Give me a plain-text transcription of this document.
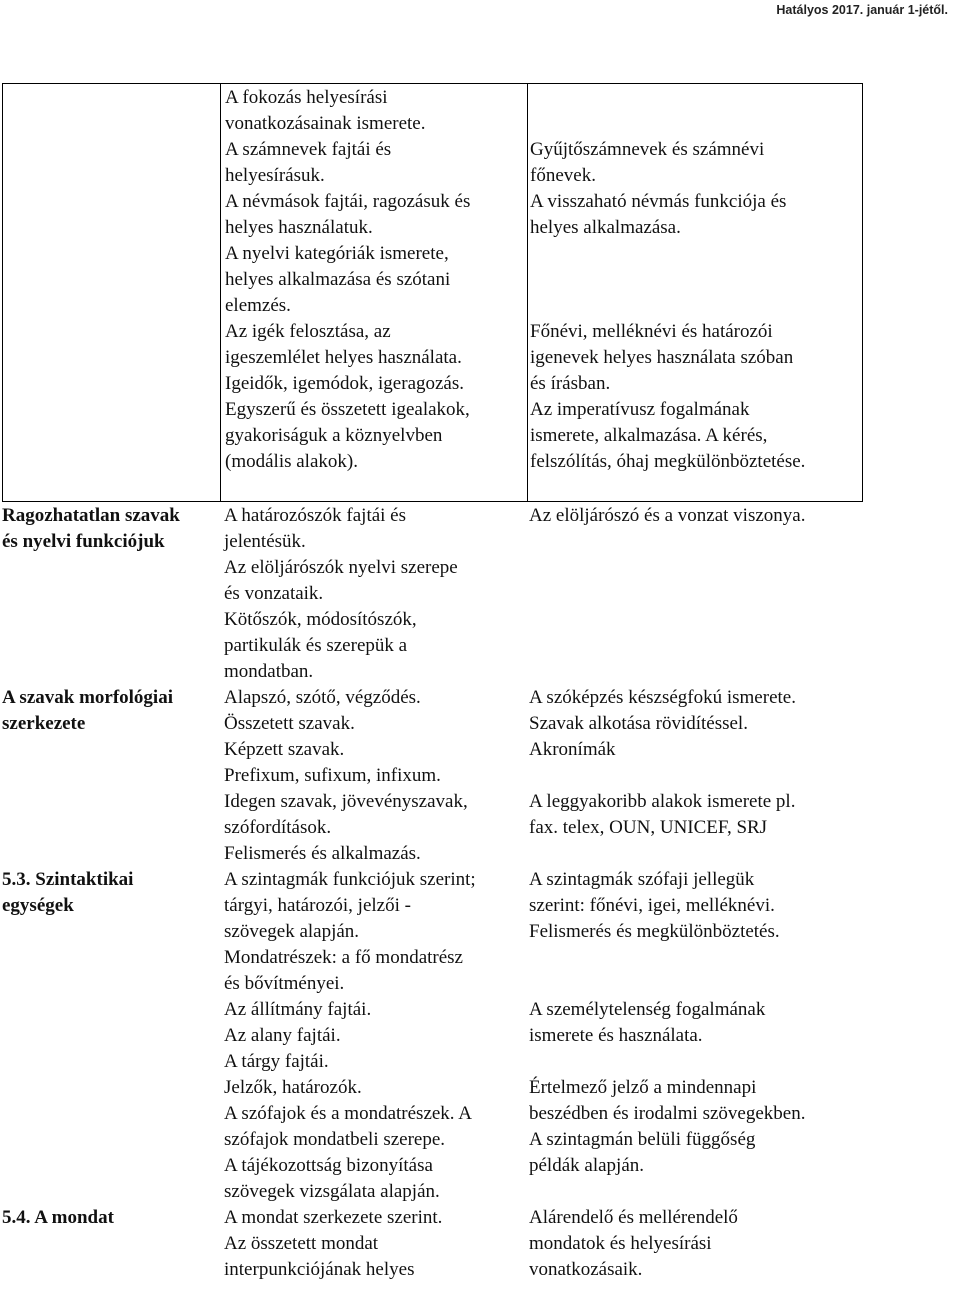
Hatályos 2017. január 1-jétől.
A fokozás helyesírási
vonatkozásainak ismerete.
A számnevek fajtái és
helyesírásuk.
A névmások fajtái, ragozásuk és
helyes használatuk.
A nyelvi kategóriák ismerete,
helyes alkalmazása és szótani
elemzés.
Az igék felosztása, az
igeszemlélet helyes használata.
Igeidők, igemódok, igeragozás.
Egyszerű és összetett igealakok,
gyakoriságuk a köznyelvben
(modális alakok).
Gyűjtőszámnevek és számnévi
főnevek.
A visszaható névmás funkciója és
helyes alkalmazása.
Főnévi, melléknévi és határozói
igenevek helyes használata szóban
és írásban.
Az imperatívusz fogalmának
ismerete, alkalmazása. A kérés,
felszólítás, óhaj megkülönböztetése.
Ragozhatatlan szavak
és nyelvi funkciójuk
A határozószók fajtái és
jelentésük.
Az elöljárószók nyelvi szerepe
és vonzataik.
Kötőszók, módosítószók,
partikulák és szerepük a
mondatban.
Az elöljárószó és a vonzat viszonya.
A szavak morfológiai
szerkezete
Alapszó, szótő, végződés.
Összetett szavak.
Képzett szavak.
Prefixum, sufixum, infixum.
Idegen szavak, jövevényszavak,
szófordítások.
Felismerés és alkalmazás.
A szóképzés készségfokú ismerete.
Szavak alkotása rövidítéssel.
Akronímák
A leggyakoribb alakok ismerete pl.
fax. telex, OUN, UNICEF, SRJ
5.3. Szintaktikai
egységek
A szintagmák funkciójuk szerint;
tárgyi, határozói, jelzői -
szövegek alapján.
Mondatrészek: a fő mondatrész
és bővítményei.
Az állítmány fajtái.
Az alany fajtái.
A tárgy fajtái.
Jelzők, határozók.
A szófajok és a mondatrészek. A
szófajok mondatbeli szerepe.
A tájékozottság bizonyítása
szövegek vizsgálata alapján.
A szintagmák szófaji jellegük
szerint: főnévi, igei, melléknévi.
Felismerés és megkülönböztetés.
A személytelenség fogalmának
ismerete és használata.
Értelmező jelző a mindennapi
beszédben és irodalmi szövegekben.
A szintagmán belüli függőség
példák alapján.
5.4. A mondat	A mondat szerkezete szerint.
Az összetett mondat
interpunkciójának helyes
Alárendelő és mellérendelő
mondatok és helyesírási
vonatkozásaik.
